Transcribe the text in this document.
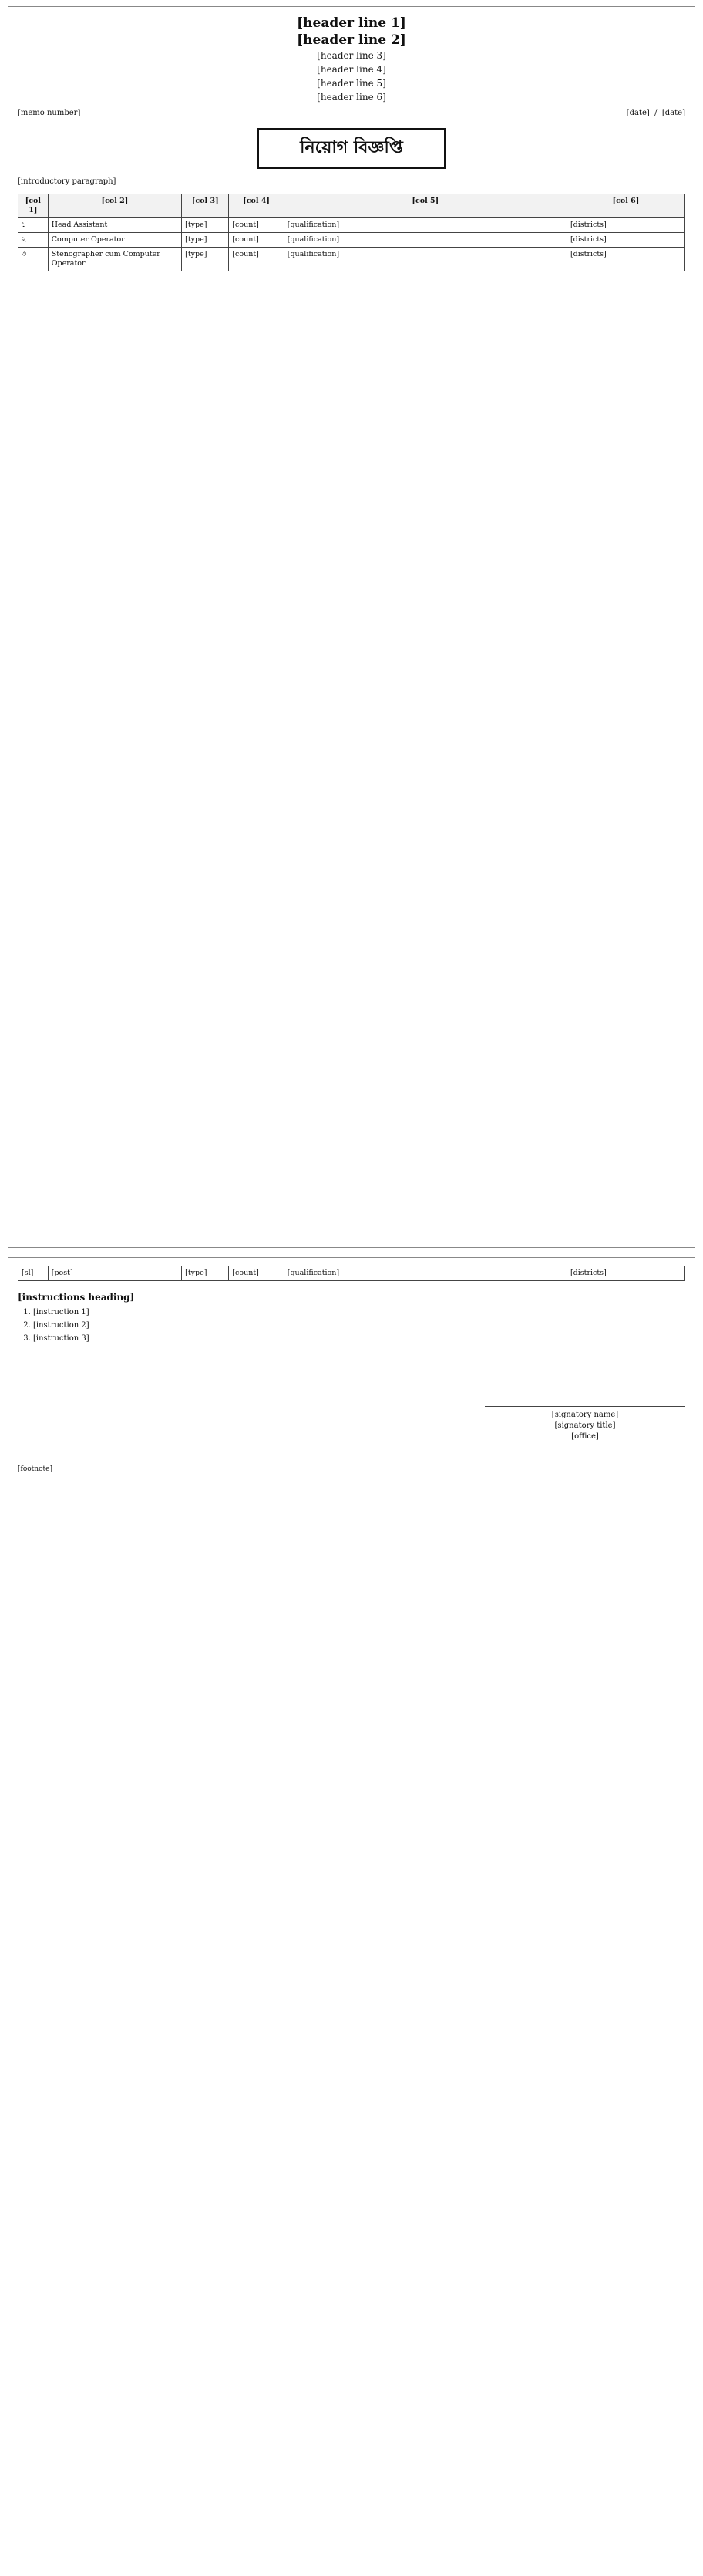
[header line 1]
[header line 2]
[header line 3]
[header line 4]
[header line 5]
[header line 6]
[memo number]	[date]  /  [date]
নিয়োগ বিজ্ঞপ্তি
[introductory paragraph]
[col 1]	[col 2]	[col 3]	[col 4]	[col 5]	[col 6]
১	Head Assistant	[type]	[count]	[qualification]	[districts]
২	Computer Operator	[type]	[count]	[qualification]	[districts]
৩	Stenographer cum Computer Operator	[type]	[count]	[qualification]	[districts]
[sl]	[post]	[type]	[count]	[qualification]	[districts]
[instructions heading]
1. [instruction 1]
2. [instruction 2]
3. [instruction 3]
[signatory name]
[signatory title]
[office]
[footnote]
